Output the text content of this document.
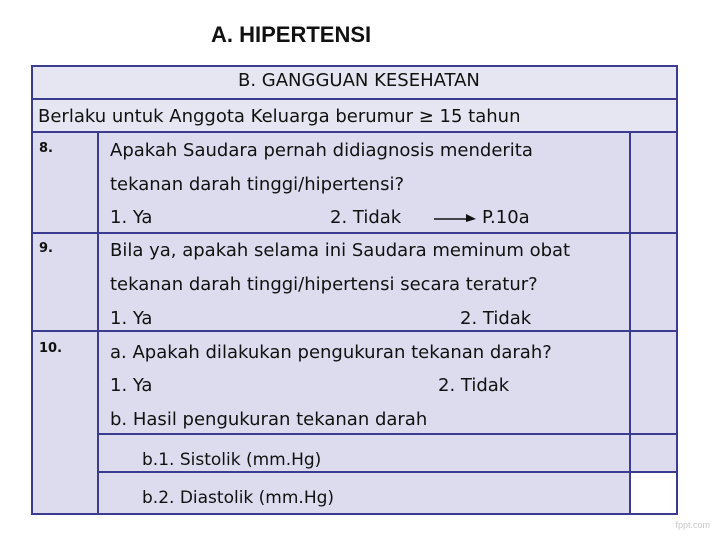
A. HIPERTENSI
B. GANGGUAN KESEHATAN
Berlaku untuk Anggota Keluarga berumur ≥ 15 tahun
8.	Apakah Saudara pernah didiagnosis menderita
tekanan darah tinggi/hipertensi?
1. Ya	2. Tidak	P.10a
9.	Bila ya, apakah selama ini Saudara meminum obat
tekanan darah tinggi/hipertensi secara teratur?
1. Ya	2. Tidak
10.	a. Apakah dilakukan pengukuran tekanan darah?
1. Ya	2. Tidak
b. Hasil pengukuran tekanan darah
b.1. Sistolik (mm.Hg)
b.2. Diastolik (mm.Hg)
fppt.com
